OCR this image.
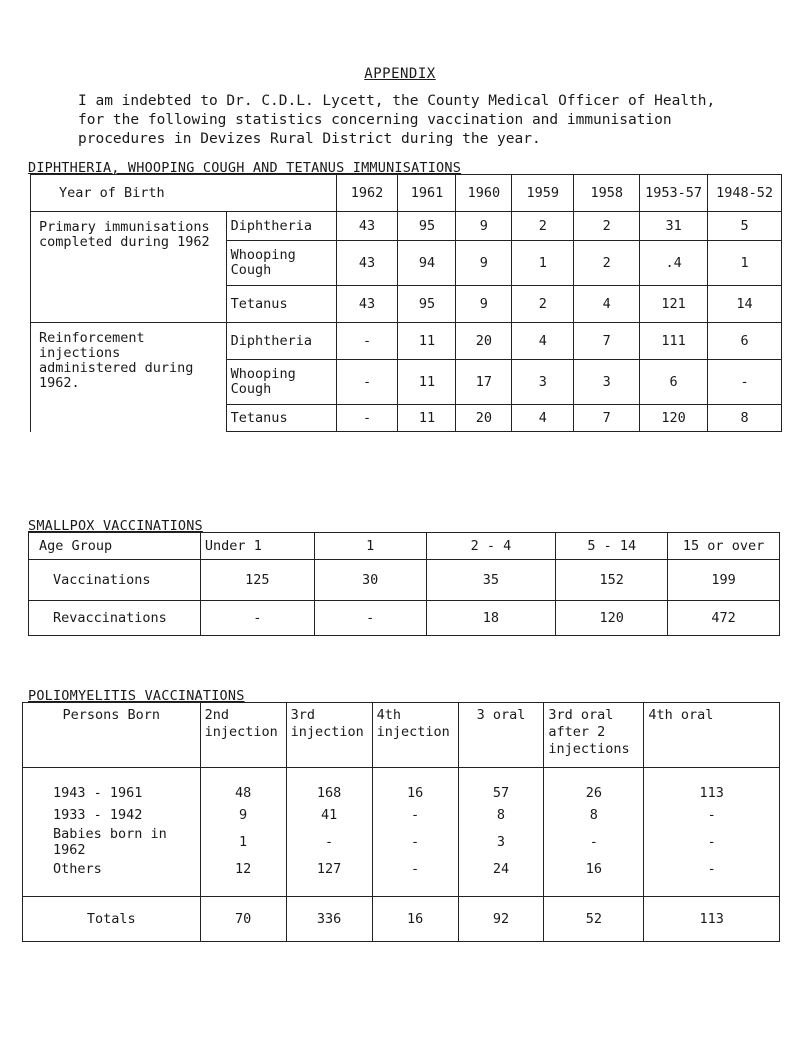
APPENDIX
I am indebted to Dr. C.D.L. Lycett, the County Medical Officer of Health,
for the following statistics concerning vaccination and immunisation
procedures in Devizes Rural District during the year.
DIPHTHERIA, WHOOPING COUGH AND TETANUS IMMUNISATIONS
Year of Birth		1962	1961	1960	1959	1958	1953-57	1948-52
Primary immunisations completed during 1962	Diphtheria	43	95	9	2	2	31	5
	Whooping Cough	43	94	9	1	2	.4	1
	Tetanus	43	95	9	2	4	121	14
Reinforcement injections administered during 1962.	Diphtheria	-	11	20	4	7	111	6
	Whooping Cough	-	11	17	3	3	6	-
	Tetanus	-	11	20	4	7	120	8
SMALLPOX VACCINATIONS
Age Group	Under 1	1	2 - 4	5 - 14	15 or over
Vaccinations	125	30	35	152	199
Revaccinations	-	-	18	120	472
POLIOMYELITIS VACCINATIONS
Persons Born	2nd injection	3rd injection	4th injection	3 oral	3rd oral after 2 injections	4th oral
1943 - 1961	48	168	16	57	26	113
1933 - 1942	9	41	-	8	8	-
Babies born in 1962	1	-	-	3	-	-
Others	12	127	-	24	16	-

Totals	70	336	16	92	52	113
